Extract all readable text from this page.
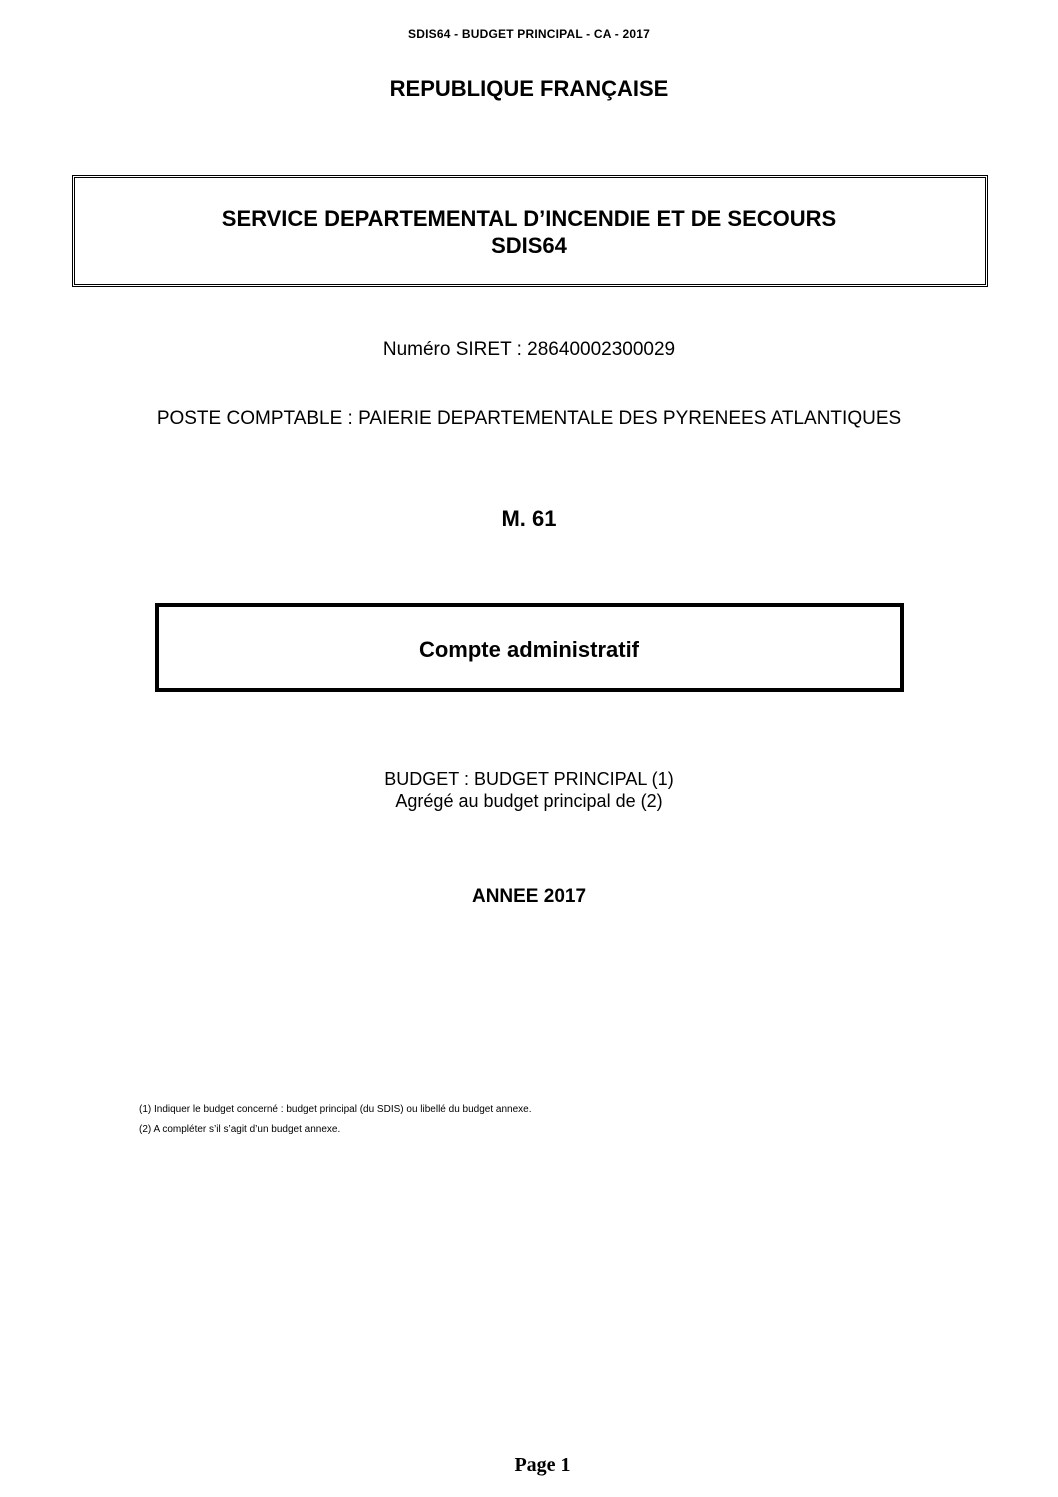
SDIS64 - BUDGET PRINCIPAL - CA - 2017
REPUBLIQUE FRANÇAISE
SERVICE DEPARTEMENTAL D’INCENDIE ET DE SECOURS
SDIS64
Numéro SIRET : 28640002300029
POSTE COMPTABLE : PAIERIE DEPARTEMENTALE DES PYRENEES ATLANTIQUES
M. 61
Compte administratif
BUDGET : BUDGET PRINCIPAL (1)
Agrégé au budget principal de (2)
ANNEE 2017
(1) Indiquer le budget concerné : budget principal (du SDIS) ou libellé du budget annexe.
(2) A compléter s’il s’agit d’un budget annexe.
Page 1
